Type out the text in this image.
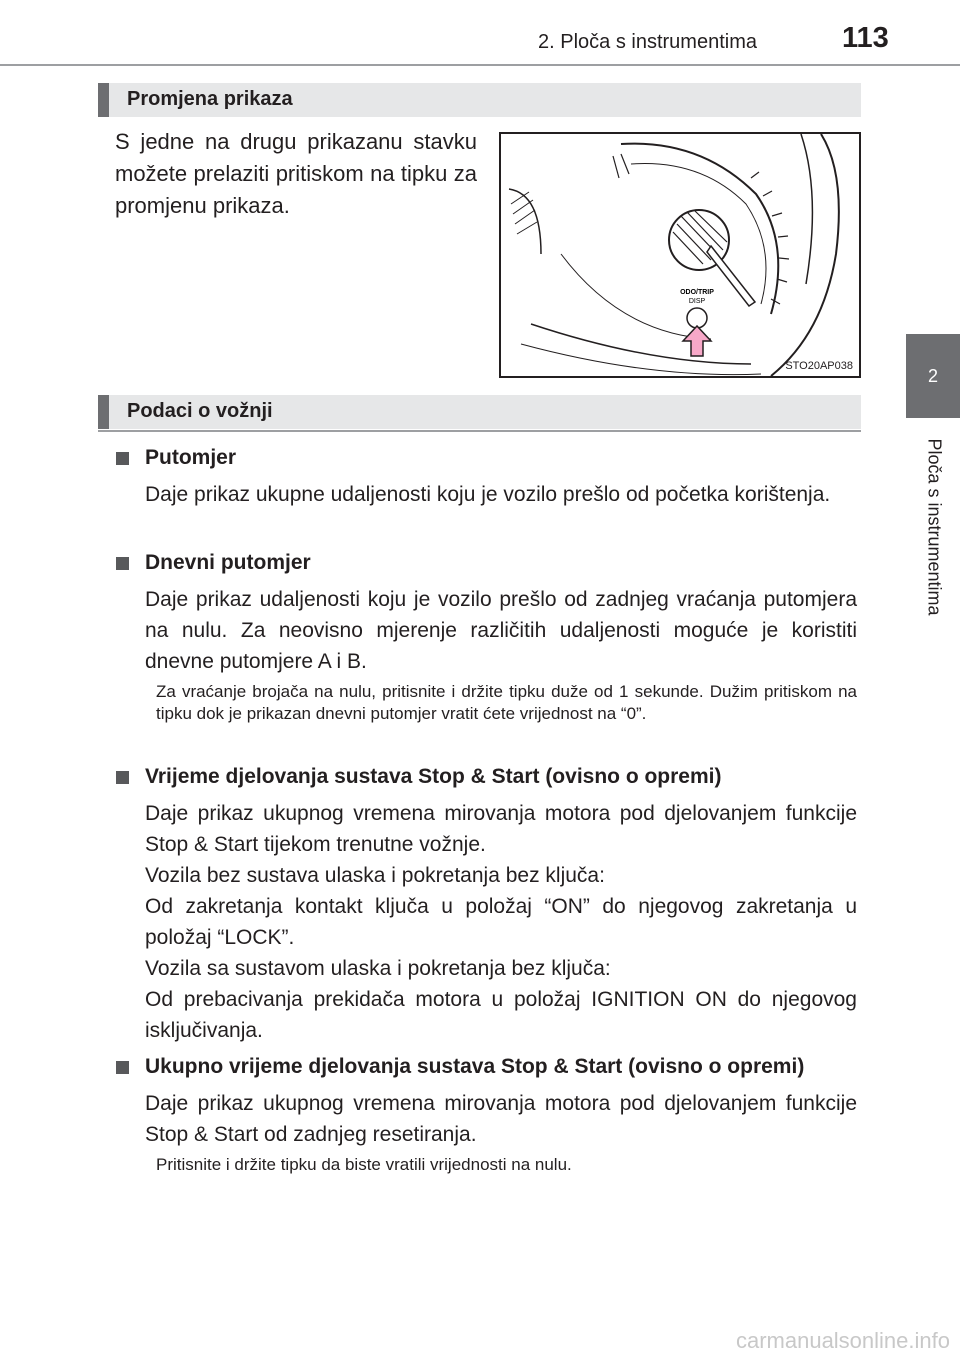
2. Ploča s instrumentima	113
2
Ploča s instrumentima
Promjena prikaza
S jedne na drugu prikazanu stavku možete prelaziti pritiskom na tipku za promjenu prikaza.
ODO/TRIP
DISP
STO20AP038
Podaci o vožnji
Putomjer
Daje prikaz ukupne udaljenosti koju je vozilo prešlo od početka korištenja.
Dnevni putomjer
Daje prikaz udaljenosti koju je vozilo prešlo od zadnjeg vraćanja putomjera na nulu. Za neovisno mjerenje različitih udaljenosti moguće je koristiti dnevne putomjere A i B.
Za vraćanje brojača na nulu, pritisnite i držite tipku duže od 1 sekunde. Dužim pritiskom na tipku dok je prikazan dnevni putomjer vratit ćete vrijednost na “0”.
Vrijeme djelovanja sustava Stop & Start (ovisno o opremi)
Daje prikaz ukupnog vremena mirovanja motora pod djelovanjem funkcije Stop & Start tijekom trenutne vožnje.
Vozila bez sustava ulaska i pokretanja bez ključa:
Od zakretanja kontakt ključa u položaj “ON” do njegovog zakretanja u položaj “LOCK”.
Vozila sa sustavom ulaska i pokretanja bez ključa:
Od prebacivanja prekidača motora u položaj IGNITION ON do njegovog isključivanja.
Ukupno vrijeme djelovanja sustava Stop & Start (ovisno o opremi)
Daje prikaz ukupnog vremena mirovanja motora pod djelovanjem funkcije Stop & Start od zadnjeg resetiranja.
Pritisnite i držite tipku da biste vratili vrijednosti na nulu.
carmanualsonline.info
